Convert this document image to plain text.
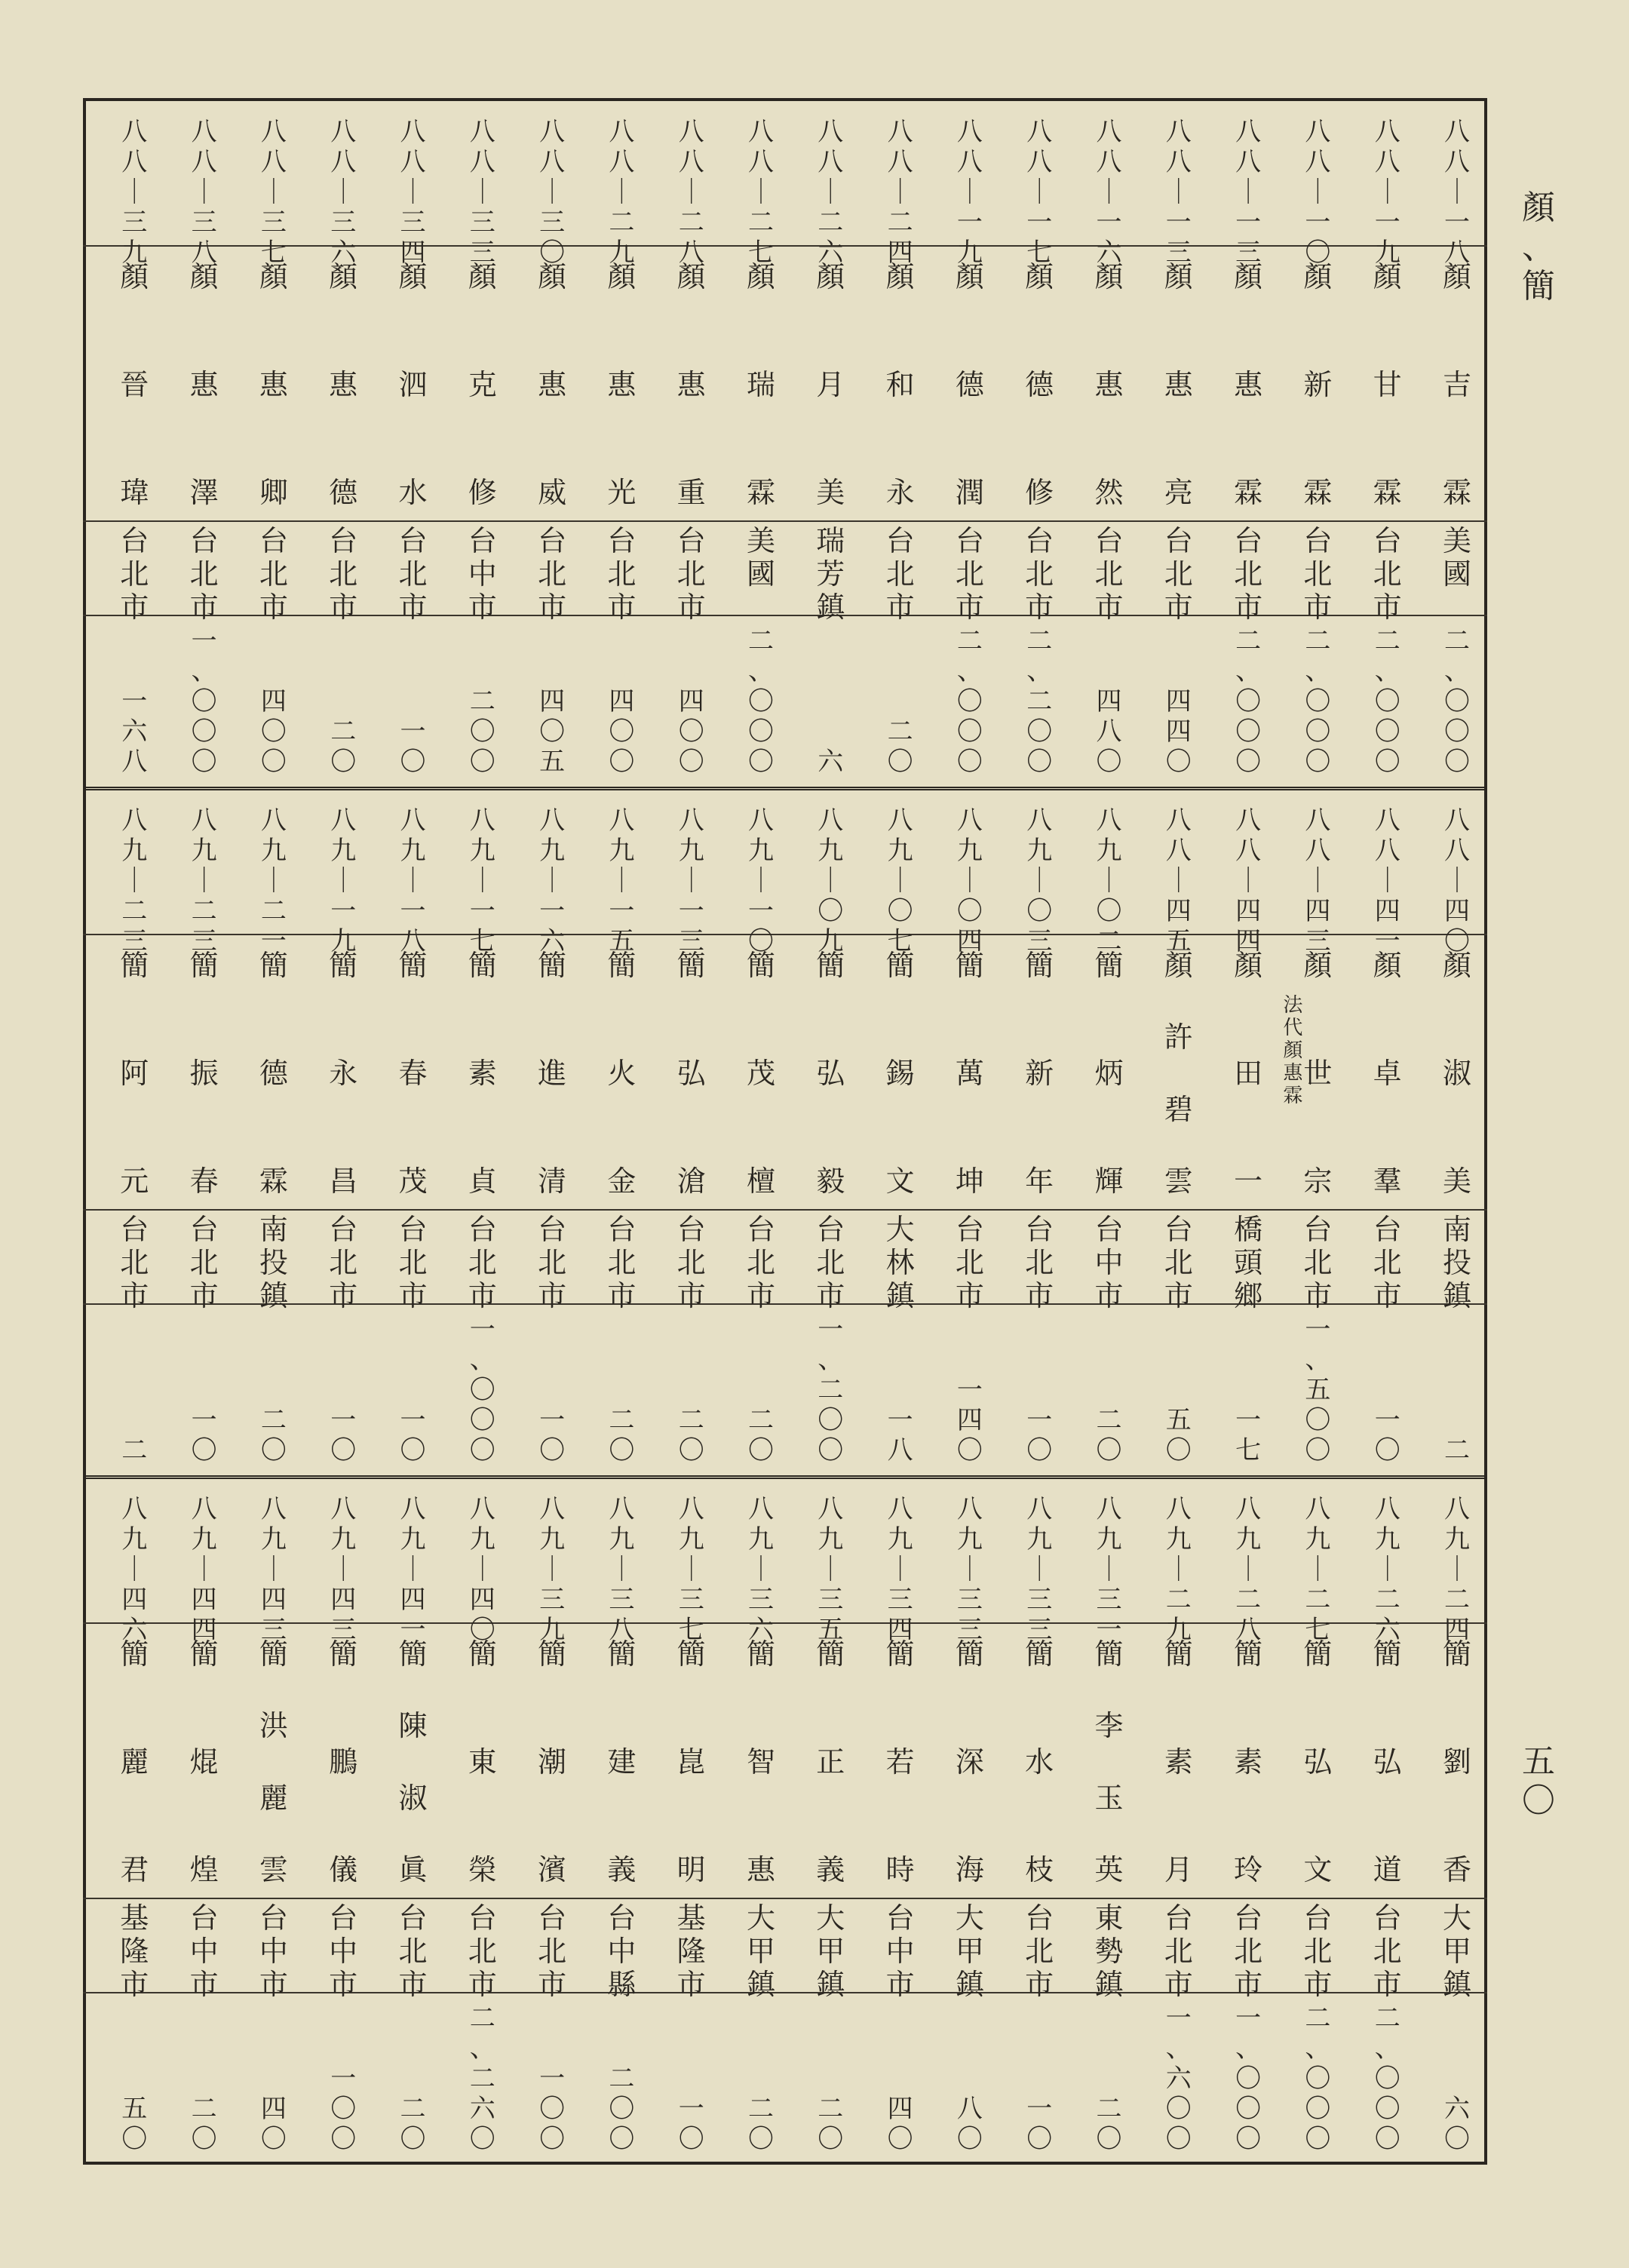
八
八
｜
一
八
顏
吉
霖
美
國
二
、
〇
〇
〇
八
八
｜
一
九
顏
甘
霖
台
北
市
二
、
〇
〇
〇
八
八
｜
一
〇
顏
新
霖
台
北
市
二
、
〇
〇
〇
八
八
｜
一
三
顏
惠
霖
台
北
市
二
、
〇
〇
〇
八
八
｜
一
三
顏
惠
亮
台
北
市
四
四
〇
八
八
｜
一
六
顏
惠
然
台
北
市
四
八
〇
八
八
｜
一
七
顏
德
修
台
北
市
二
、
二
〇
〇
八
八
｜
一
九
顏
德
潤
台
北
市
二
、
〇
〇
〇
八
八
｜
二
四
顏
和
永
台
北
市
二
〇
八
八
｜
二
六
顏
月
美
瑞
芳
鎮
六
八
八
｜
二
七
顏
瑞
霖
美
國
二
、
〇
〇
〇
八
八
｜
二
八
顏
惠
重
台
北
市
四
〇
〇
八
八
｜
二
九
顏
惠
光
台
北
市
四
〇
〇
八
八
｜
三
〇
顏
惠
威
台
北
市
四
〇
五
八
八
｜
三
三
顏
克
修
台
中
市
二
〇
〇
八
八
｜
三
四
顏
泗
水
台
北
市
一
〇
八
八
｜
三
六
顏
惠
德
台
北
市
二
〇
八
八
｜
三
七
顏
惠
卿
台
北
市
四
〇
〇
八
八
｜
三
八
顏
惠
澤
台
北
市
一
、
〇
〇
〇
八
八
｜
三
九
顏
晉
瑋
台
北
市
一
六
八
八
八
｜
四
〇
顏
淑
美
南
投
鎮
二
八
八
｜
四
一
顏
卓
羣
台
北
市
一
〇
八
八
｜
四
三
顏
世
宗
法
代
顏
惠
霖
台
北
市
一
、
五
〇
〇
八
八
｜
四
四
顏
田
一
橋
頭
鄉
一
七
八
八
｜
四
五
顏
許
碧
雲
台
北
市
五
〇
八
九
｜
〇
二
簡
炳
輝
台
中
市
二
〇
八
九
｜
〇
三
簡
新
年
台
北
市
一
〇
八
九
｜
〇
四
簡
萬
坤
台
北
市
一
四
〇
八
九
｜
〇
七
簡
錫
文
大
林
鎮
一
八
八
九
｜
〇
九
簡
弘
毅
台
北
市
一
、
二
〇
〇
八
九
｜
一
〇
簡
茂
檀
台
北
市
二
〇
八
九
｜
一
三
簡
弘
滄
台
北
市
二
〇
八
九
｜
一
五
簡
火
金
台
北
市
二
〇
八
九
｜
一
六
簡
進
清
台
北
市
一
〇
八
九
｜
一
七
簡
素
貞
台
北
市
一
、
〇
〇
〇
八
九
｜
一
八
簡
春
茂
台
北
市
一
〇
八
九
｜
一
九
簡
永
昌
台
北
市
一
〇
八
九
｜
二
一
簡
德
霖
南
投
鎮
二
〇
八
九
｜
二
三
簡
振
春
台
北
市
一
〇
八
九
｜
二
三
簡
阿
元
台
北
市
二
八
九
｜
二
四
簡
劉
香
大
甲
鎮
六
〇
八
九
｜
二
六
簡
弘
道
台
北
市
二
、
〇
〇
〇
八
九
｜
二
七
簡
弘
文
台
北
市
二
、
〇
〇
〇
八
九
｜
二
八
簡
素
玲
台
北
市
一
、
〇
〇
〇
八
九
｜
二
九
簡
素
月
台
北
市
一
、
六
〇
〇
八
九
｜
三
一
簡
李
玉
英
東
勢
鎮
二
〇
八
九
｜
三
三
簡
水
枝
台
北
市
一
〇
八
九
｜
三
三
簡
深
海
大
甲
鎮
八
〇
八
九
｜
三
四
簡
若
時
台
中
市
四
〇
八
九
｜
三
五
簡
正
義
大
甲
鎮
二
〇
八
九
｜
三
六
簡
智
惠
大
甲
鎮
二
〇
八
九
｜
三
七
簡
崑
明
基
隆
市
一
〇
八
九
｜
三
八
簡
建
義
台
中
縣
二
〇
〇
八
九
｜
三
九
簡
潮
濱
台
北
市
一
〇
〇
八
九
｜
四
〇
簡
東
榮
台
北
市
二
、
二
六
〇
八
九
｜
四
一
簡
陳
淑
眞
台
北
市
二
〇
八
九
｜
四
三
簡
鵬
儀
台
中
市
一
〇
〇
八
九
｜
四
三
簡
洪
麗
雲
台
中
市
四
〇
八
九
｜
四
四
簡
焜
煌
台
中
市
二
〇
八
九
｜
四
六
簡
麗
君
基
隆
市
五
〇
顏
、
簡
五
〇
